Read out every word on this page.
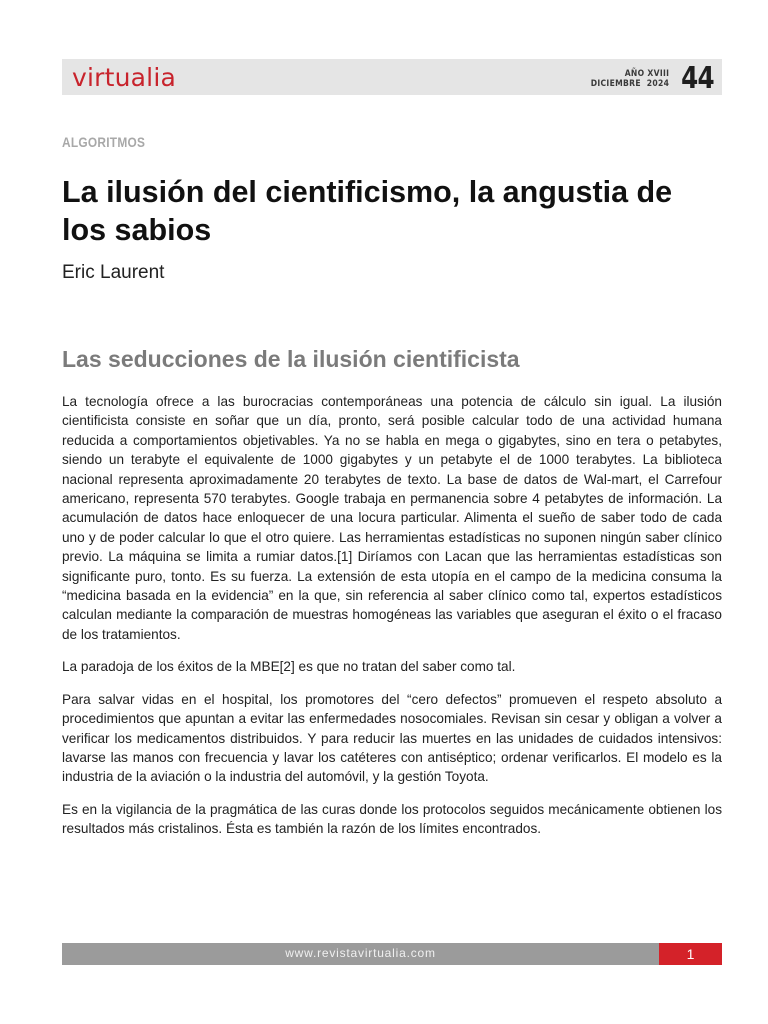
virtualia	AÑO XVIII
DICIEMBRE  2024 44
ALGORITMOS
La ilusión del cientificismo, la angustia de los sabios
Eric Laurent
Las seducciones de la ilusión cientificista

La tecnología ofrece a las burocracias contemporáneas una potencia de cálculo sin igual. La ilusión cientificista consiste en soñar que un día, pronto, será posible calcular todo de una actividad humana reducida a comportamientos objetivables. Ya no se habla en mega o gigabytes, sino en tera o petabytes, siendo un terabyte el equivalente de 1000 gigabytes y un petabyte el de 1000 terabytes. La biblioteca nacional representa aproximadamente 20 terabytes de texto. La base de datos de Wal-mart, el Carrefour americano, representa 570 terabytes. Google trabaja en permanencia sobre 4 petabytes de información. La acumulación de datos hace enloquecer de una locura particular. Alimenta el sueño de saber todo de cada uno y de poder calcular lo que el otro quiere. Las herramientas estadísticas no suponen ningún saber clínico previo. La máquina se limita a rumiar datos.[1] Diríamos con Lacan que las herramientas estadísticas son significante puro, tonto. Es su fuerza. La extensión de esta utopía en el campo de la medicina consuma la “medicina basada en la evidencia” en la que, sin referencia al saber clínico como tal, expertos estadísticos calculan mediante la comparación de muestras homogéneas las variables que aseguran el éxito o el fracaso de los tratamientos.

La paradoja de los éxitos de la MBE[2] es que no tratan del saber como tal.

Para salvar vidas en el hospital, los promotores del “cero defectos” promueven el respeto absoluto a procedimientos que apuntan a evitar las enfermedades nosocomiales. Revisan sin cesar y obligan a volver a verificar los medicamentos distribuidos. Y para reducir las muertes en las unidades de cuidados intensivos: lavarse las manos con frecuencia y lavar los catéteres con antiséptico; ordenar verificarlos. El modelo es la industria de la aviación o la industria del automóvil, y la gestión Toyota.

Es en la vigilancia de la pragmática de las curas donde los protocolos seguidos mecánicamente obtienen los resultados más cristalinos. Ésta es también la razón de los límites encontrados.

www.revistavirtualia.com	1
